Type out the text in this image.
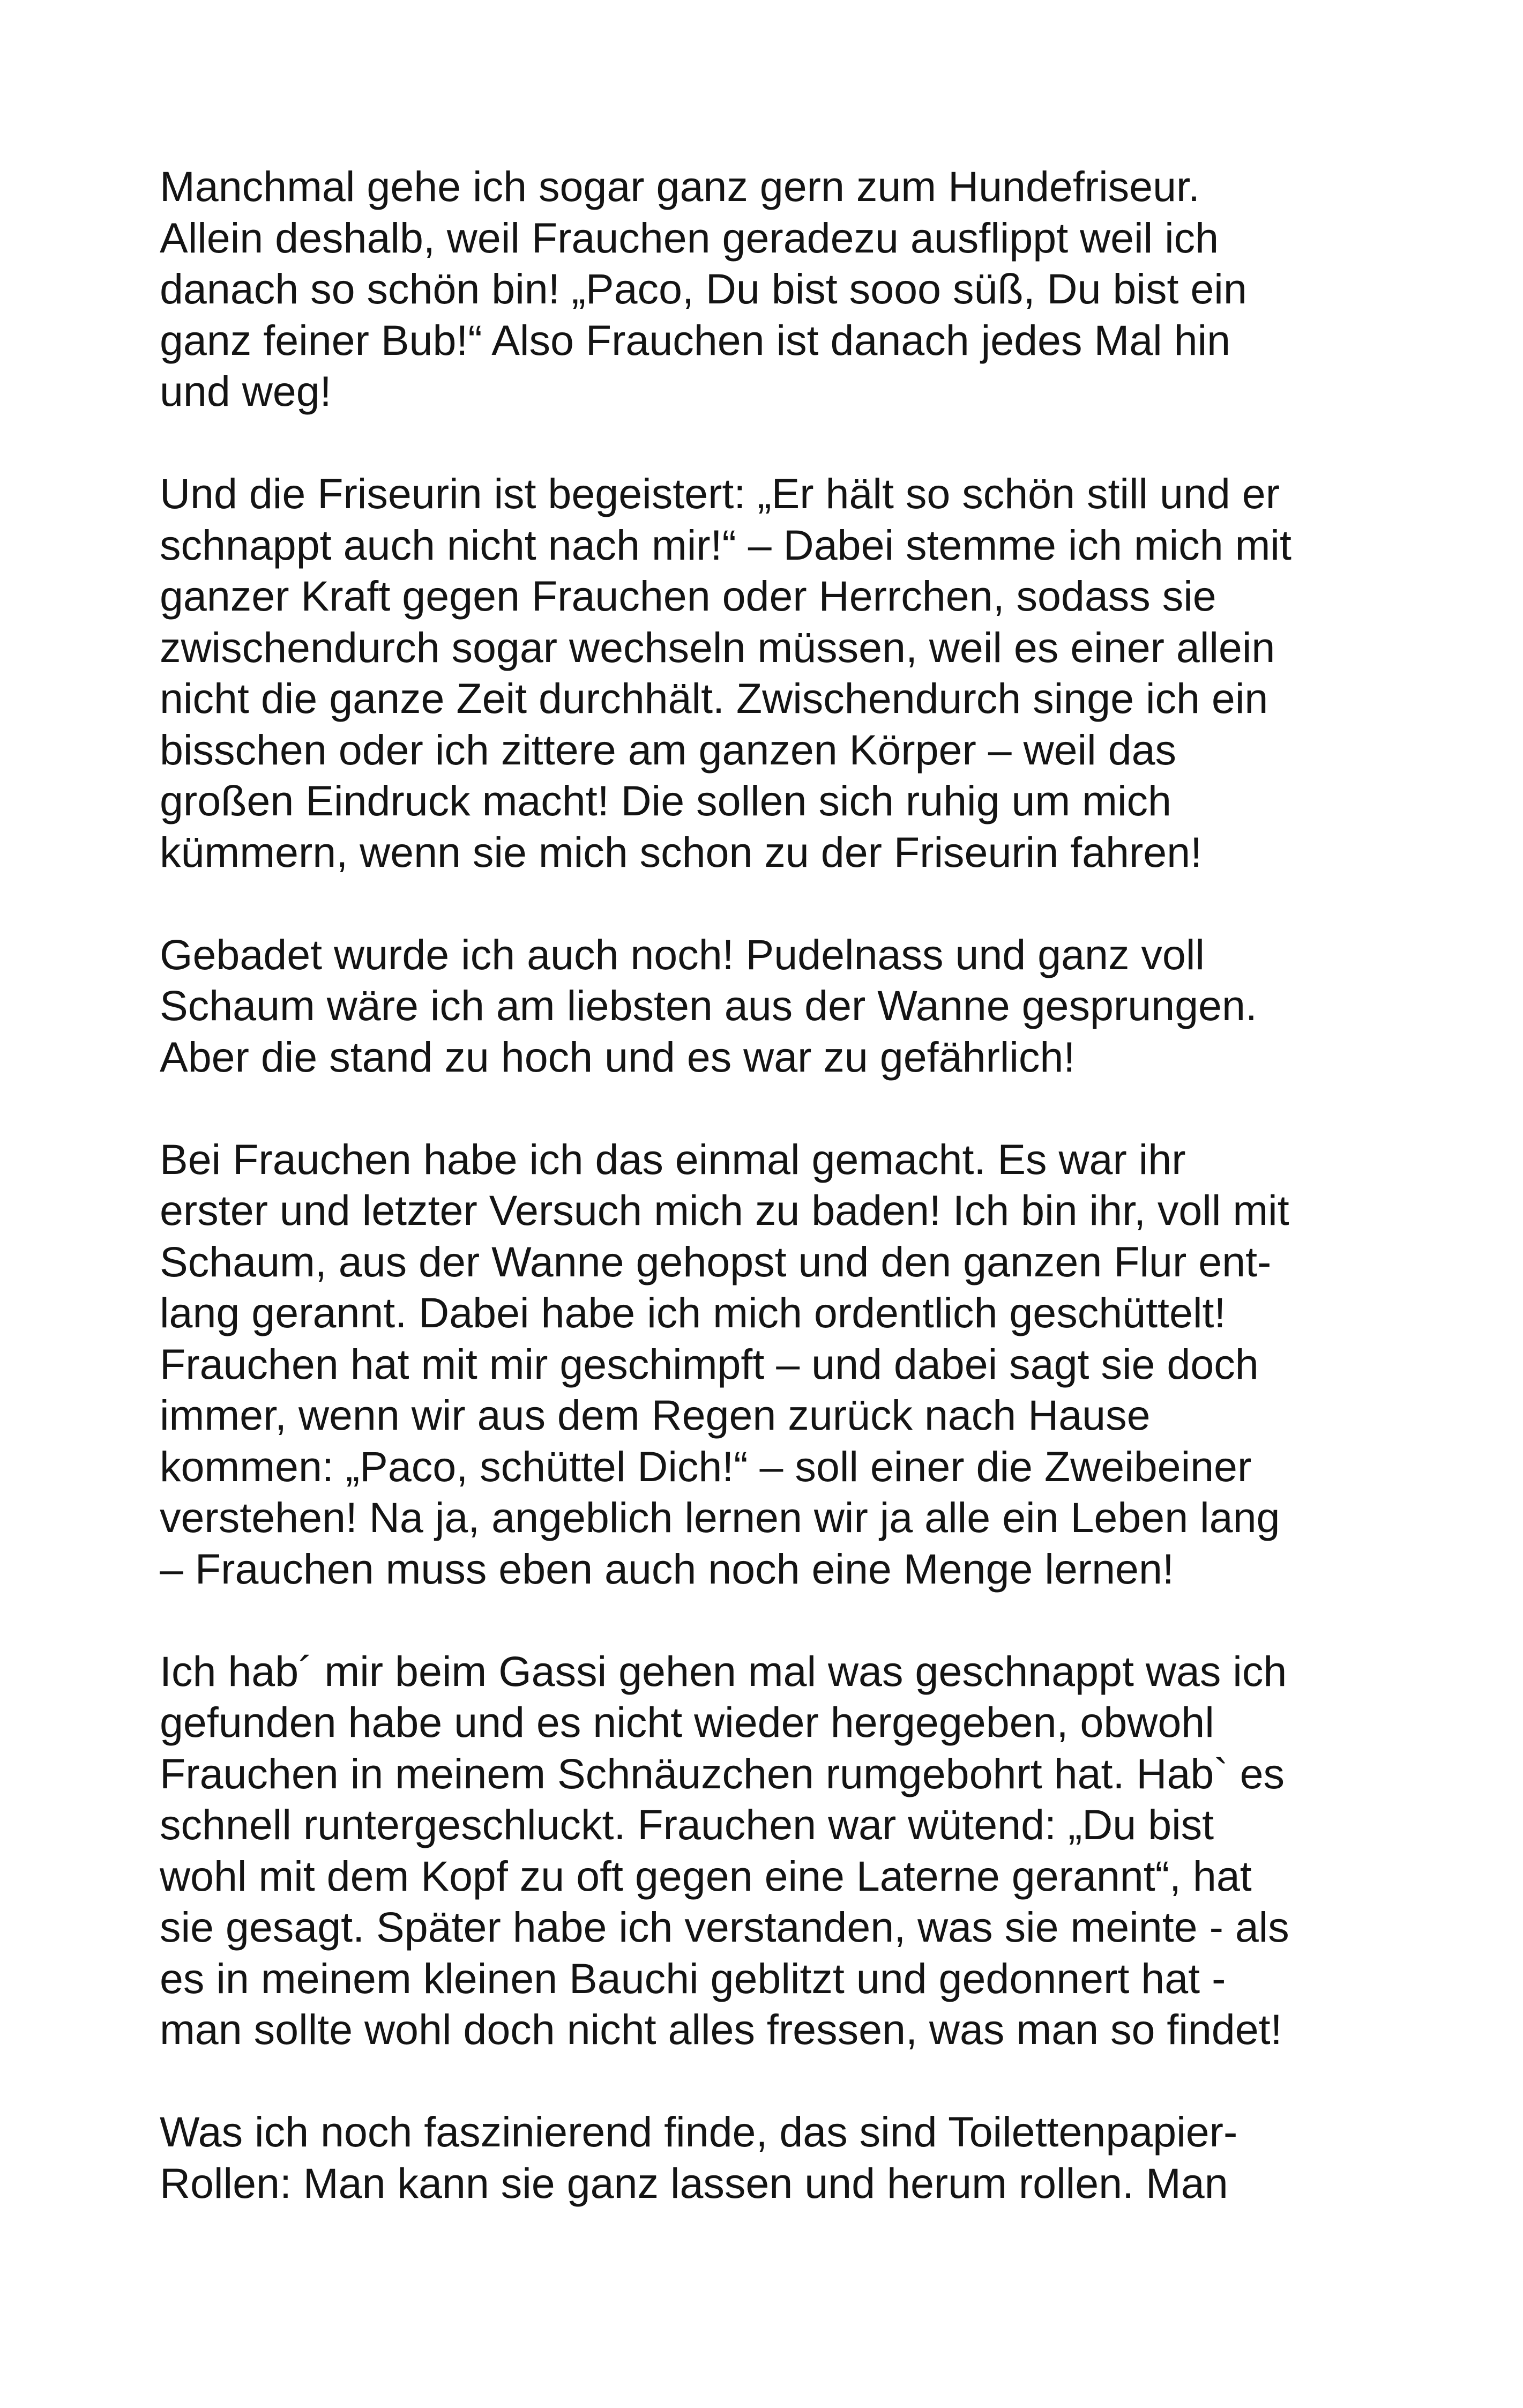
Manchmal gehe ich sogar ganz gern zum Hundefriseur.
Allein deshalb, weil Frauchen geradezu ausflippt weil ich
danach so schön bin! „Paco, Du bist sooo süß, Du bist ein
ganz feiner Bub!“ Also Frauchen ist danach jedes Mal hin
und weg!

Und die Friseurin ist begeistert: „Er hält so schön still und er
schnappt auch nicht nach mir!“ – Dabei stemme ich mich mit
ganzer Kraft gegen Frauchen oder Herrchen, sodass sie
zwischendurch sogar wechseln müssen, weil es einer allein
nicht die ganze Zeit durchhält. Zwischendurch singe ich ein
bisschen oder ich zittere am ganzen Körper – weil das
großen Eindruck macht! Die sollen sich ruhig um mich
kümmern, wenn sie mich schon zu der Friseurin fahren!

Gebadet wurde ich auch noch! Pudelnass und ganz voll
Schaum wäre ich am liebsten aus der Wanne gesprungen.
Aber die stand zu hoch und es war zu gefährlich!

Bei Frauchen habe ich das einmal gemacht. Es war ihr
erster und letzter Versuch mich zu baden! Ich bin ihr, voll mit
Schaum, aus der Wanne gehopst und den ganzen Flur ent-
lang gerannt. Dabei habe ich mich ordentlich geschüttelt!
Frauchen hat mit mir geschimpft – und dabei sagt sie doch
immer, wenn wir aus dem Regen zurück nach Hause
kommen: „Paco, schüttel Dich!“ – soll einer die Zweibeiner
verstehen! Na ja, angeblich lernen wir ja alle ein Leben lang
– Frauchen muss eben auch noch eine Menge lernen!

Ich hab´ mir beim Gassi gehen mal was geschnappt was ich
gefunden habe und es nicht wieder hergegeben, obwohl
Frauchen in meinem Schnäuzchen rumgebohrt hat. Hab` es
schnell runtergeschluckt. Frauchen war wütend: „Du bist
wohl mit dem Kopf zu oft gegen eine Laterne gerannt“, hat
sie gesagt. Später habe ich verstanden, was sie meinte - als
es in meinem kleinen Bauchi geblitzt und gedonnert hat -
man sollte wohl doch nicht alles fressen, was man so findet!

Was ich noch faszinierend finde, das sind Toilettenpapier-
Rollen: Man kann sie ganz lassen und herum rollen. Man
